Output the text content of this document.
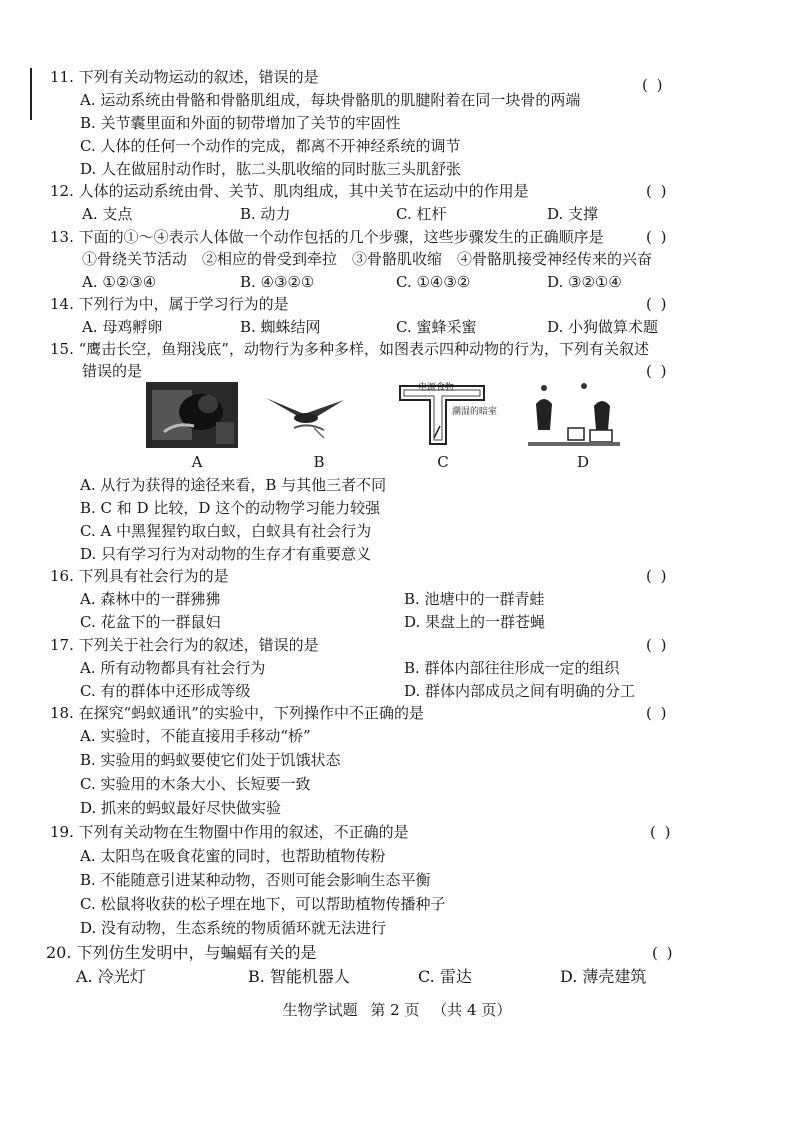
11. 下列有关动物运动的叙述，错误的是	( )
A. 运动系统由骨骼和骨骼肌组成，每块骨骼肌的肌腱附着在同一块骨的两端
B. 关节囊里面和外面的韧带增加了关节的牢固性
C. 人体的任何一个动作的完成，都离不开神经系统的调节
D. 人在做屈肘动作时，肱二头肌收缩的同时肱三头肌舒张
12. 人体的运动系统由骨、关节、肌肉组成，其中关节在运动中的作用是	( )
A. 支点	B. 动力	C. 杠杆	D. 支撑
13. 下面的①～④表示人体做一个动作包括的几个步骤，这些步骤发生的正确顺序是	( )
①骨绕关节活动　②相应的骨受到牵拉　③骨骼肌收缩　④骨骼肌接受神经传来的兴奋
A. ①②③④	B. ④③②①	C. ①④③②	D. ③②①④
14. 下列行为中，属于学习行为的是	( )
A. 母鸡孵卵	B. 蜘蛛结网	C. 蜜蜂采蜜	D. 小狗做算术题
15. “鹰击长空，鱼翔浅底”，动物行为多种多样，如图表示四种动物的行为，下列有关叙述
错误的是	( )
A	B
电源食物
潮湿的暗室
C	D
A. 从行为获得的途径来看，B 与其他三者不同
B. C 和 D 比较，D 这个的动物学习能力较强
C. A 中黑猩猩钓取白蚁，白蚁具有社会行为
D. 只有学习行为对动物的生存才有重要意义
16. 下列具有社会行为的是	( )
A. 森林中的一群狒狒	B. 池塘中的一群青蛙
C. 花盆下的一群鼠妇	D. 果盘上的一群苍蝇
17. 下列关于社会行为的叙述，错误的是	( )
A. 所有动物都具有社会行为	B. 群体内部往往形成一定的组织
C. 有的群体中还形成等级	D. 群体内部成员之间有明确的分工
18. 在探究“蚂蚁通讯”的实验中，下列操作中不正确的是	( )
A. 实验时，不能直接用手移动“桥”
B. 实验用的蚂蚁要使它们处于饥饿状态
C. 实验用的木条大小、长短要一致
D. 抓来的蚂蚁最好尽快做实验
19. 下列有关动物在生物圈中作用的叙述，不正确的是	( )
A. 太阳鸟在吸食花蜜的同时，也帮助植物传粉
B. 不能随意引进某种动物，否则可能会影响生态平衡
C. 松鼠将收获的松子埋在地下，可以帮助植物传播种子
D. 没有动物，生态系统的物质循环就无法进行
20. 下列仿生发明中，与蝙蝠有关的是	( )
A. 冷光灯	B. 智能机器人	C. 雷达	D. 薄壳建筑
生物学试题 第 2 页 （共 4 页）
